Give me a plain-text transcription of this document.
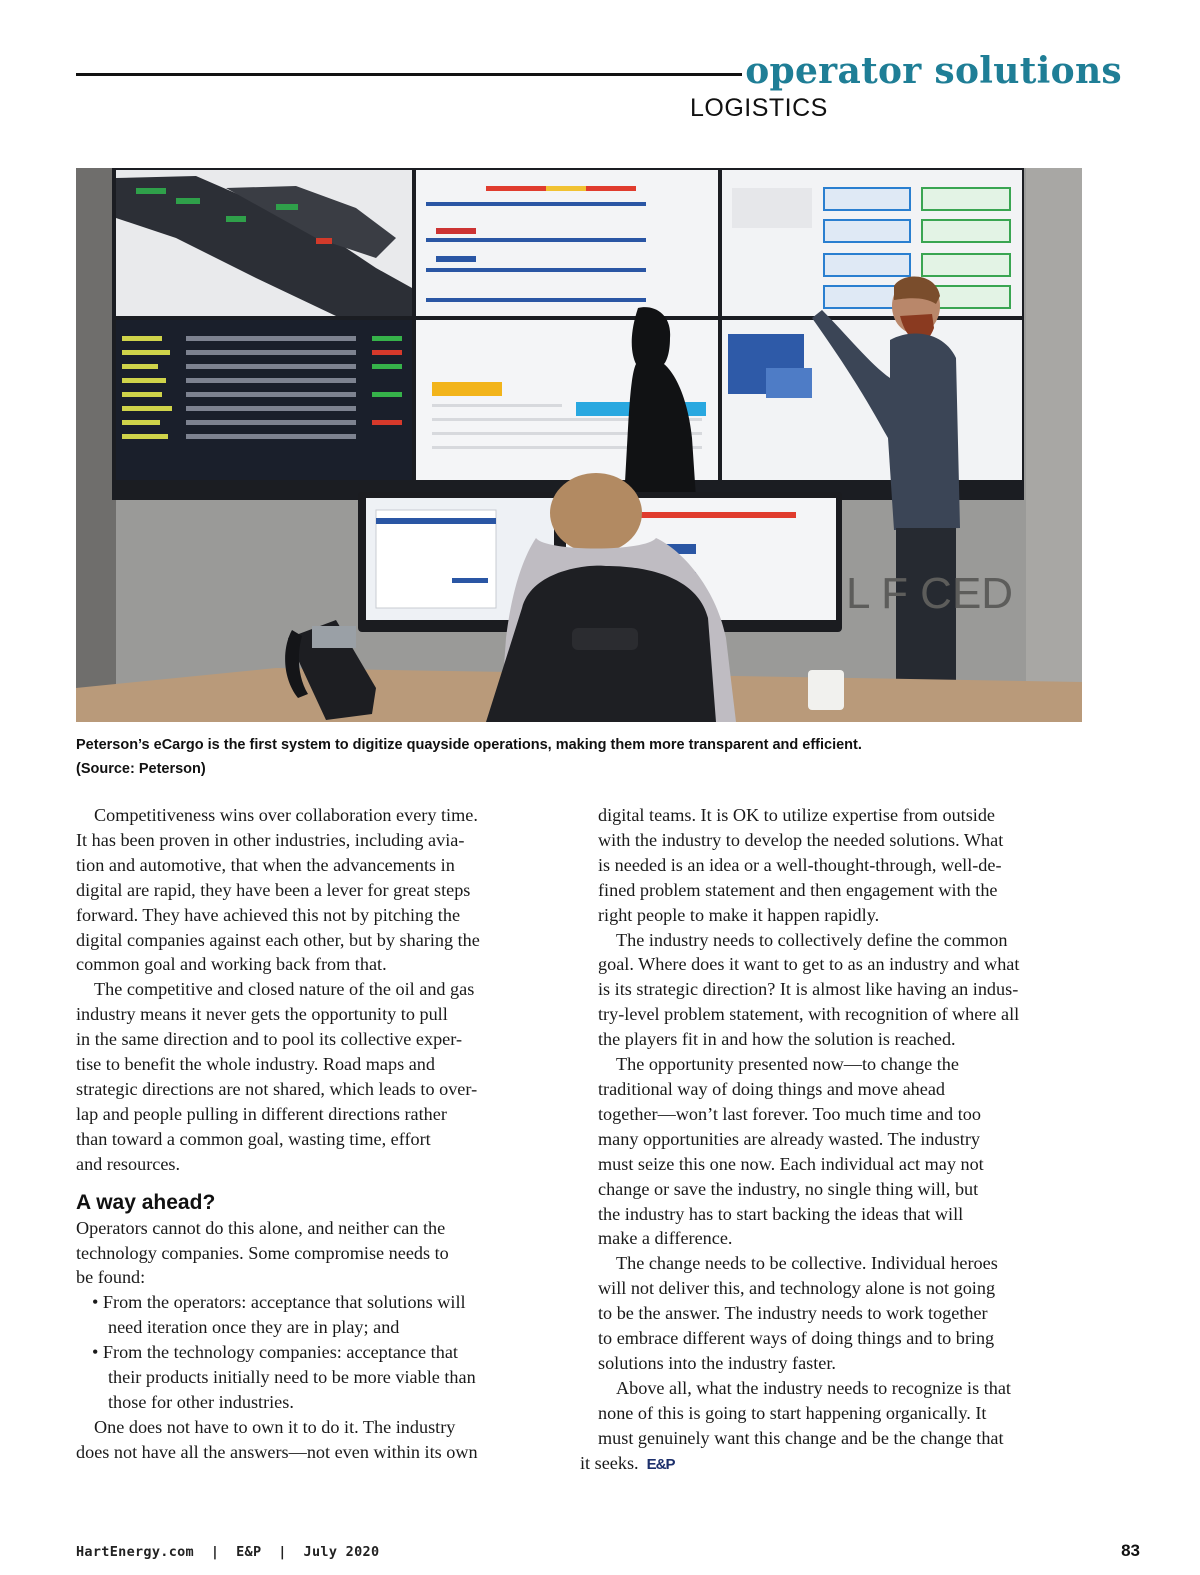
operator solutions
LOGISTICS
L F CED
Peterson’s eCargo is the first system to digitize quayside operations, making them more transparent and efficient.
(Source: Peterson)

Competitiveness wins over collaboration every time.
It has been proven in other industries, including avia-
tion and automotive, that when the advancements in
digital are rapid, they have been a lever for great steps
forward. They have achieved this not by pitching the
digital companies against each other, but by sharing the
common goal and working back from that.

The competitive and closed nature of the oil and gas
industry means it never gets the opportunity to pull
in the same direction and to pool its collective exper-
tise to benefit the whole industry. Road maps and
strategic directions are not shared, which leads to over-
lap and people pulling in different directions rather
than toward a common goal, wasting time, effort
and resources.

A way ahead?

Operators cannot do this alone, and neither can the
technology companies. Some compromise needs to
be found:

• From the operators: acceptance that solutions will
need iteration once they are in play; and
• From the technology companies: acceptance that
their products initially need to be more viable than
those for other industries.

One does not have to own it to do it. The industry
does not have all the answers—not even within its own

digital teams. It is OK to utilize expertise from outside
with the industry to develop the needed solutions. What
is needed is an idea or a well-thought-through, well-de-
fined problem statement and then engagement with the
right people to make it happen rapidly.

The industry needs to collectively define the common
goal. Where does it want to get to as an industry and what
is its strategic direction? It is almost like having an indus-
try-level problem statement, with recognition of where all
the players fit in and how the solution is reached.

The opportunity presented now—to change the
traditional way of doing things and move ahead
together—won’t last forever. Too much time and too
many opportunities are already wasted. The industry
must seize this one now. Each individual act may not
change or save the industry, no single thing will, but
the industry has to start backing the ideas that will
make a difference.

The change needs to be collective. Individual heroes
will not deliver this, and technology alone is not going
to be the answer. The industry needs to work together
to embrace different ways of doing things and to bring
solutions into the industry faster.

Above all, what the industry needs to recognize is that
none of this is going to start happening organically. It
must genuinely want this change and be the change that
it seeks. E&P

HartEnergy.com  |  E&P  |  July 2020	83
